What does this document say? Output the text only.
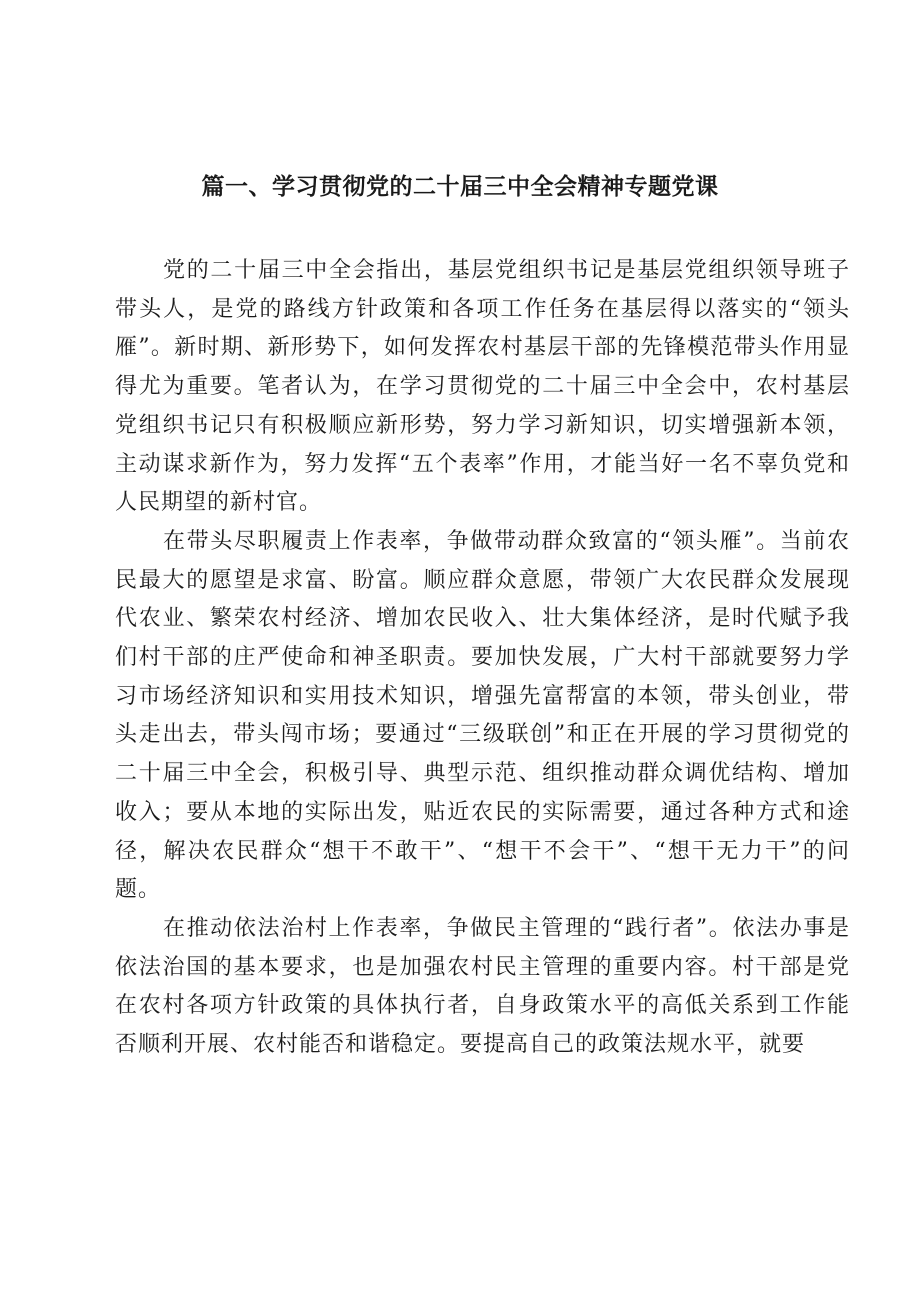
篇一、学习贯彻党的二十届三中全会精神专题党课

党的二十届三中全会指出，基层党组织书记是基层党组织领导班子带头人，是党的路线方针政策和各项工作任务在基层得以落实的“领头雁”。新时期、新形势下，如何发挥农村基层干部的先锋模范带头作用显得尤为重要。笔者认为，在学习贯彻党的二十届三中全会中，农村基层党组织书记只有积极顺应新形势，努力学习新知识，切实增强新本领，主动谋求新作为，努力发挥“五个表率”作用，才能当好一名不辜负党和人民期望的新村官。

在带头尽职履责上作表率，争做带动群众致富的“领头雁”。当前农民最大的愿望是求富、盼富。顺应群众意愿，带领广大农民群众发展现代农业、繁荣农村经济、增加农民收入、壮大集体经济，是时代赋予我们村干部的庄严使命和神圣职责。要加快发展，广大村干部就要努力学习市场经济知识和实用技术知识，增强先富帮富的本领，带头创业，带头走出去，带头闯市场；要通过“三级联创”和正在开展的学习贯彻党的二十届三中全会，积极引导、典型示范、组织推动群众调优结构、增加收入；要从本地的实际出发，贴近农民的实际需要，通过各种方式和途径，解决农民群众“想干不敢干”、“想干不会干”、“想干无力干”的问题。

在推动依法治村上作表率，争做民主管理的“践行者”。依法办事是依法治国的基本要求，也是加强农村民主管理的重要内容。村干部是党在农村各项方针政策的具体执行者，自身政策水平的高低关系到工作能否顺利开展、农村能否和谐稳定。要提高自己的政策法规水平，就要
